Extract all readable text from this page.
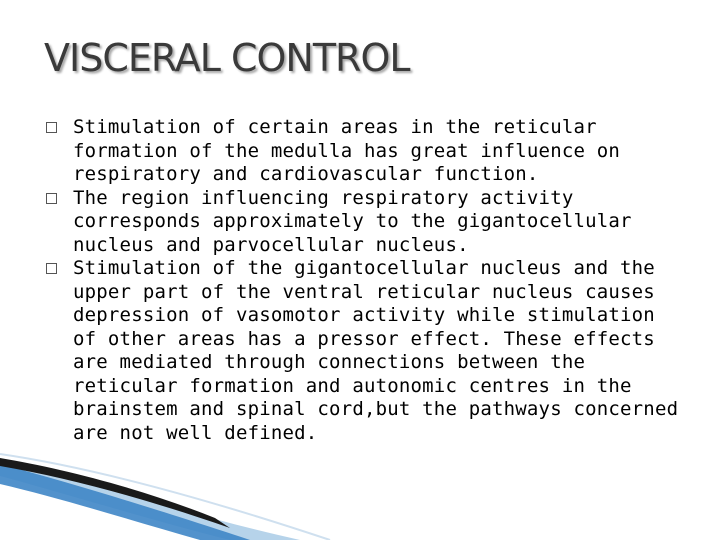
VISCERAL CONTROL
Stimulation of certain areas in the reticular formation of the medulla has great influence on respiratory and cardiovascular function.
The region influencing respiratory activity corresponds approximately to the gigantocellular nucleus and parvocellular nucleus.
Stimulation of the gigantocellular nucleus and the upper part of the ventral reticular nucleus causes depression of vasomotor activity while stimulation of other areas has a pressor effect. These effects are mediated through connections between the reticular formation and autonomic centres in the brainstem and spinal cord,but the pathways concerned are not well defined.
